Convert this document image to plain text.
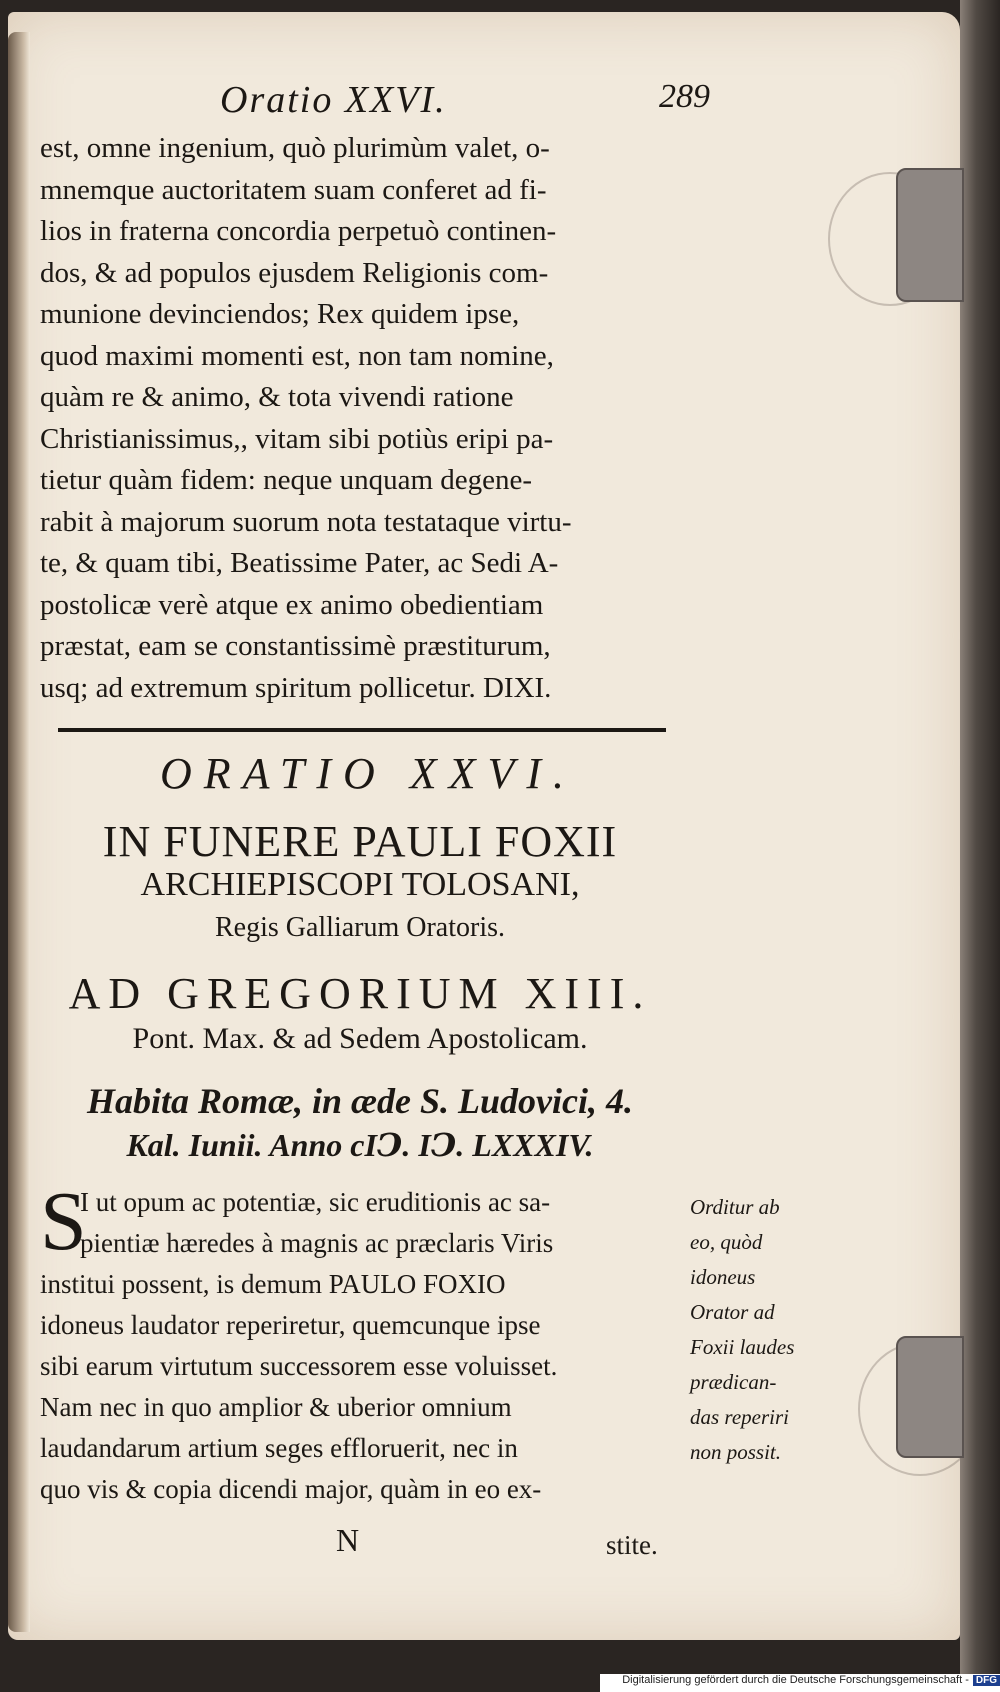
Oratio XXVI.	289
est, omne ingenium, quò plurimùm valet, o-
mnemque auctoritatem suam conferet ad fi-
lios in fraterna concordia perpetuò continen-
dos, & ad populos ejusdem Religionis com-
munione devinciendos; Rex quidem ipse,
quod maximi momenti est, non tam nomine,
quàm re & animo, & tota vivendi ratione
Christianissimus,, vitam sibi potiùs eripi pa-
tietur quàm fidem: neque unquam degene-
rabit à majorum suorum nota testataque virtu-
te, & quam tibi, Beatissime Pater, ac Sedi A-
postolicæ verè atque ex animo obedientiam
præstat, eam se constantissimè præstiturum,
usq; ad extremum spiritum pollicetur. DIXI.
ORATIO XXVI.
IN FUNERE PAULI FOXII
ARCHIEPISCOPI TOLOSANI,
Regis Galliarum Oratoris.
AD GREGORIUM XIII.
Pont. Max. & ad Sedem Apostolicam.
Habita Romæ, in æde S. Ludovici, 4.
Kal. Iunii. Anno cIↃ. IↃ. LXXXIV.
S
I ut opum ac potentiæ, sic eruditionis ac sa-
pientiæ hæredes à magnis ac præclaris Viris
institui possent, is demum PAULO FOXIO
idoneus laudator reperiretur, quemcunque ipse
sibi earum virtutum successorem esse voluisset.
Nam nec in quo amplior & uberior omnium
laudandarum artium seges effloruerit, nec in
quo vis & copia dicendi major, quàm in eo ex-
Orditur ab
eo, quòd
idoneus
Orator ad
Foxii laudes
prædican-
das reperiri
non possit.
N	stite.
Digitalisierung gefördert durch die Deutsche Forschungsgemeinschaft - DFG
